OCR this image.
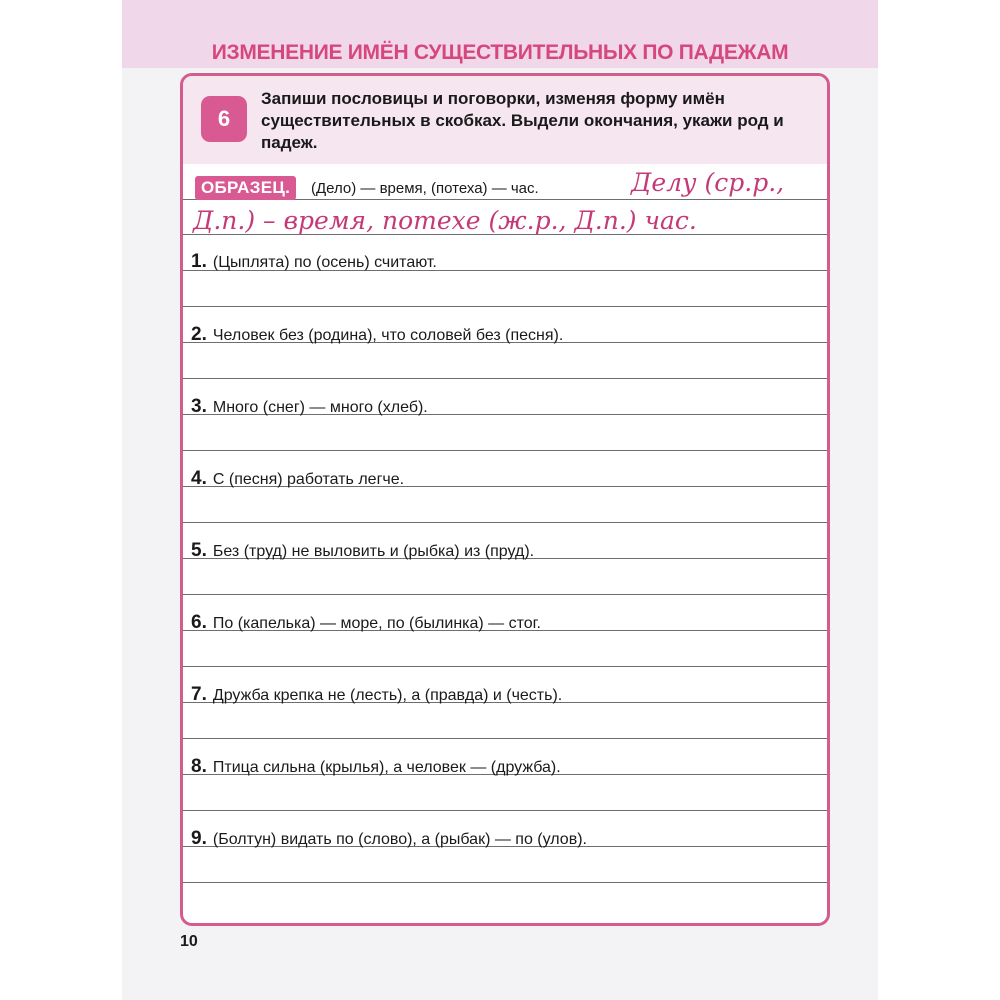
ИЗМЕНЕНИЕ ИМЁН СУЩЕСТВИТЕЛЬНЫХ ПО ПАДЕЖАМ
6

Запиши пословицы и поговорки, изменяя форму имён существительных в скобках. Выдели окончания, укажи род и падеж.

ОБРАЗЕЦ.	(Дело) — время, (потеха) — час.	Делу (ср.р.,
Д.п.) – время, потехе (ж.р., Д.п.) час.
1. (Цыплята) по (осень) считают.
2. Человек без (родина), что соловей без (песня).
3. Много (снег) — много (хлеб).
4. С (песня) работать легче.
5. Без (труд) не выловить и (рыбка) из (пруд).
6. По (капелька) — море, по (былинка) — стог.
7. Дружба крепка не (лесть), а (правда) и (честь).
8. Птица сильна (крылья), а человек — (дружба).
9. (Болтун) видать по (слово), а (рыбак) — по (улов).
10
